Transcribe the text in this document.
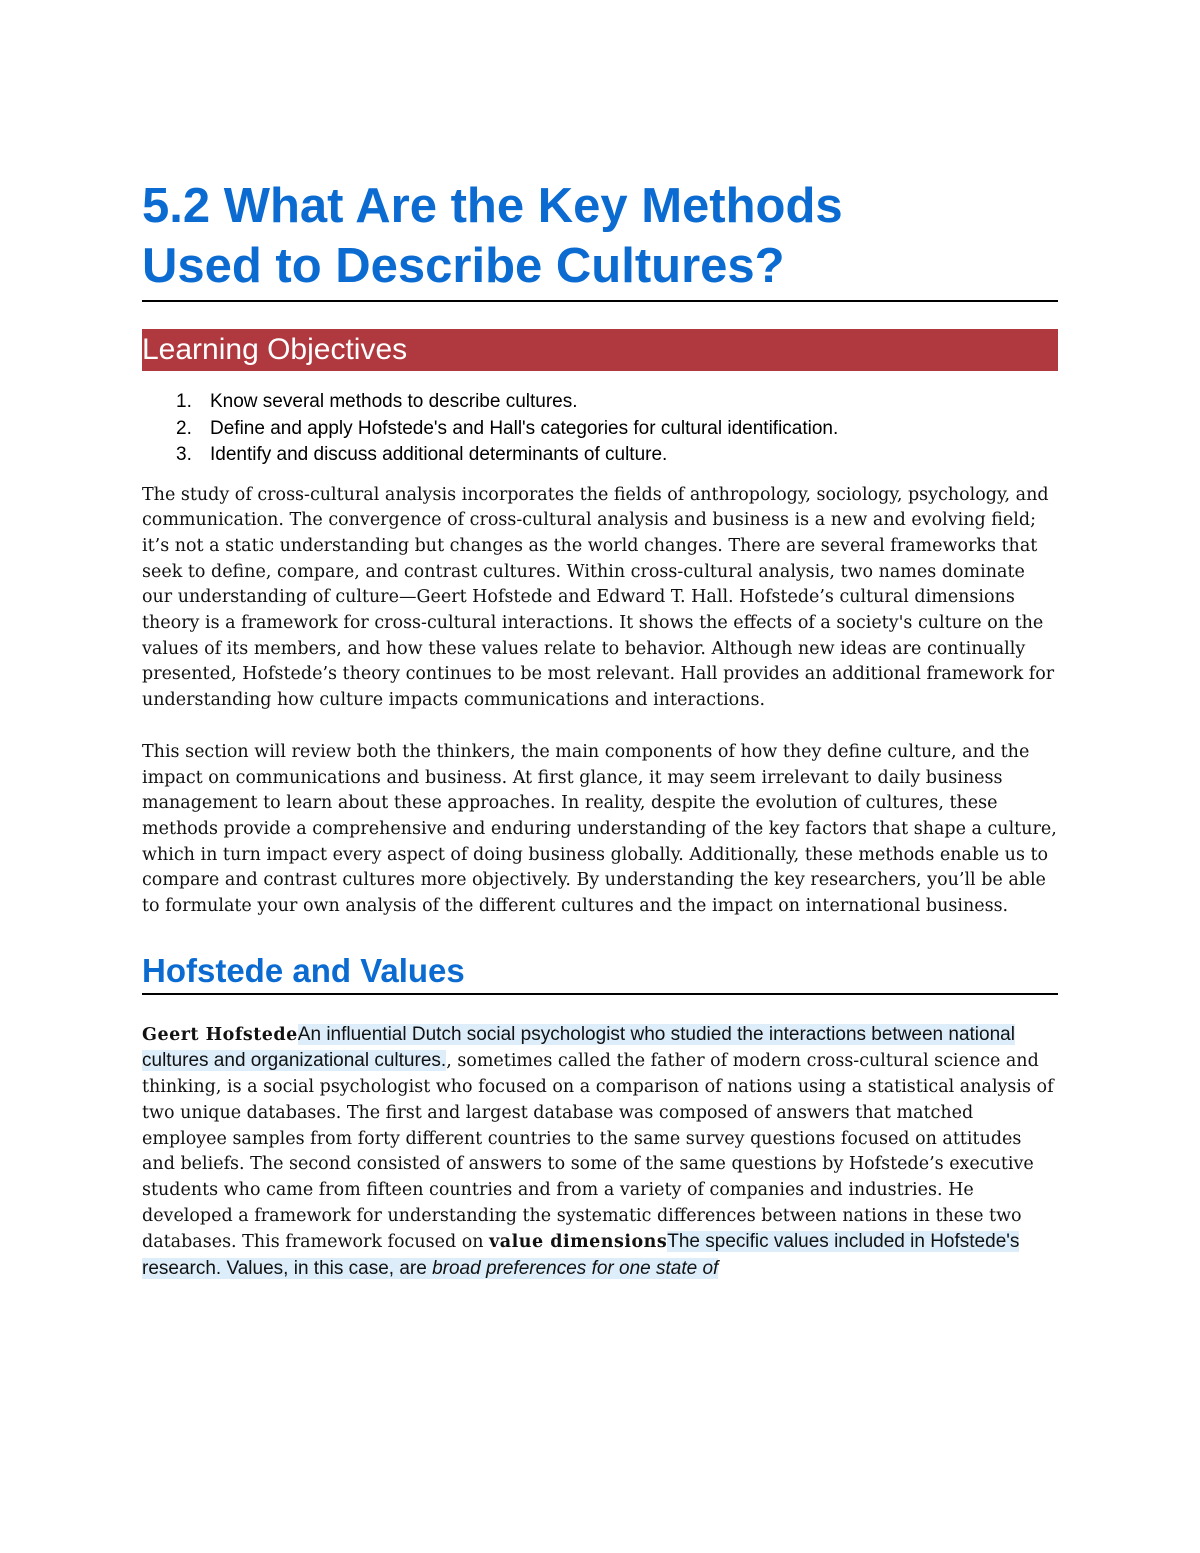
5.2 What Are the Key Methods
Used to Describe Cultures?
Learning Objectives
1. Know several methods to describe cultures.
2. Define and apply Hofstede's and Hall's categories for cultural identification.
3. Identify and discuss additional determinants of culture.

The study of cross-cultural analysis incorporates the fields of anthropology, sociology, psychology, and communication. The convergence of cross-cultural analysis and business is a new and evolving field; it’s not a static understanding but changes as the world changes. There are several frameworks that seek to define, compare, and contrast cultures. Within cross-cultural analysis, two names dominate our understanding of culture—Geert Hofstede and Edward T. Hall. Hofstede’s cultural dimensions theory is a framework for cross-cultural interactions. It shows the effects of a society's culture on the values of its members, and how these values relate to behavior. Although new ideas are continually presented, Hofstede’s theory continues to be most relevant. Hall provides an additional framework for understanding how culture impacts communications and interactions.

This section will review both the thinkers, the main components of how they define culture, and the impact on communications and business. At first glance, it may seem irrelevant to daily business management to learn about these approaches. In reality, despite the evolution of cultures, these methods provide a comprehensive and enduring understanding of the key factors that shape a culture, which in turn impact every aspect of doing business globally. Additionally, these methods enable us to compare and contrast cultures more objectively. By understanding the key researchers, you’ll be able to formulate your own analysis of the different cultures and the impact on international business.

Hofstede and Values

Geert HofstedeAn influential Dutch social psychologist who studied the interactions between national cultures and organizational cultures., sometimes called the father of modern cross-cultural science and thinking, is a social psychologist who focused on a comparison of nations using a statistical analysis of two unique databases. The first and largest database was composed of answers that matched employee samples from forty different countries to the same survey questions focused on attitudes and beliefs. The second consisted of answers to some of the same questions by Hofstede’s executive students who came from fifteen countries and from a variety of companies and industries. He developed a framework for understanding the systematic differences between nations in these two databases. This framework focused on value dimensionsThe specific values included in Hofstede's research. Values, in this case, are broad preferences for one state of
